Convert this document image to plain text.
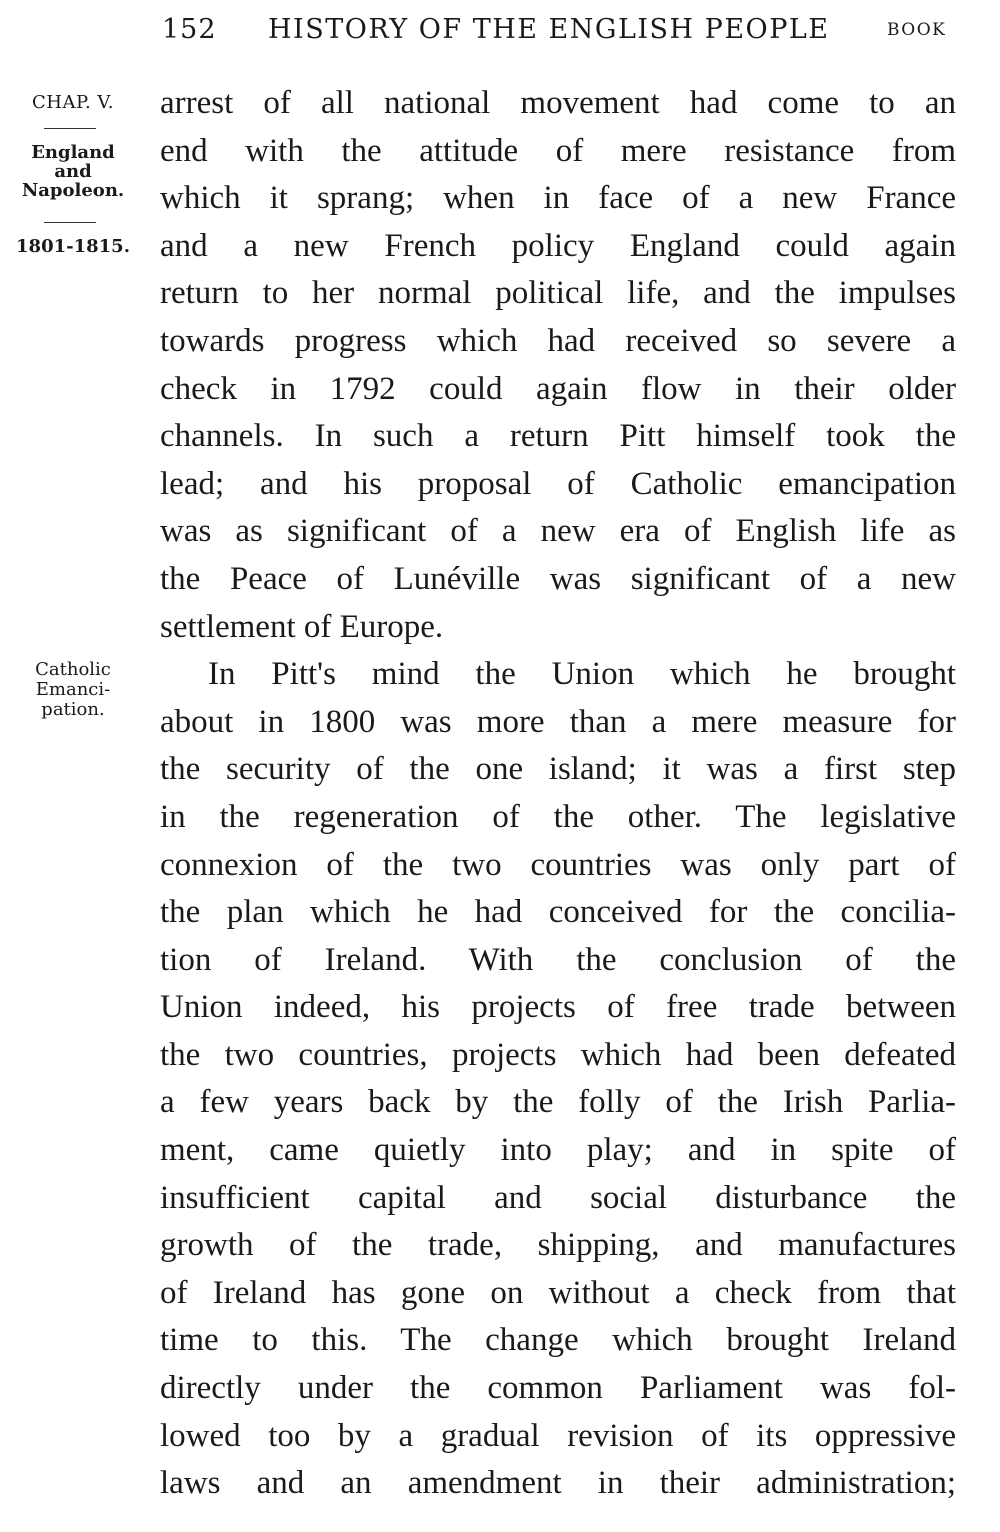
152 HISTORY OF THE ENGLISH PEOPLE	BOOK
CHAP. V.
England
and
Napoleon.
1801-1815.
Catholic
Emanci-
pation.
arrest of all national movement had come to an
end with the attitude of mere resistance from
which it sprang; when in face of a new France
and a new French policy England could again
return to her normal political life, and the impulses
towards progress which had received so severe a
check in 1792 could again flow in their older
channels. In such a return Pitt himself took the
lead; and his proposal of Catholic emancipation
was as significant of a new era of English life as
the Peace of Lunéville was significant of a new
settlement of Europe.
In Pitt's mind the Union which he brought
about in 1800 was more than a mere measure for
the security of the one island; it was a first step
in the regeneration of the other. The legislative
connexion of the two countries was only part of
the plan which he had conceived for the concilia-
tion of Ireland. With the conclusion of the
Union indeed, his projects of free trade between
the two countries, projects which had been defeated
a few years back by the folly of the Irish Parlia-
ment, came quietly into play; and in spite of
insufficient capital and social disturbance the
growth of the trade, shipping, and manufactures
of Ireland has gone on without a check from that
time to this. The change which brought Ireland
directly under the common Parliament was fol-
lowed too by a gradual revision of its oppressive
laws and an amendment in their administration;
